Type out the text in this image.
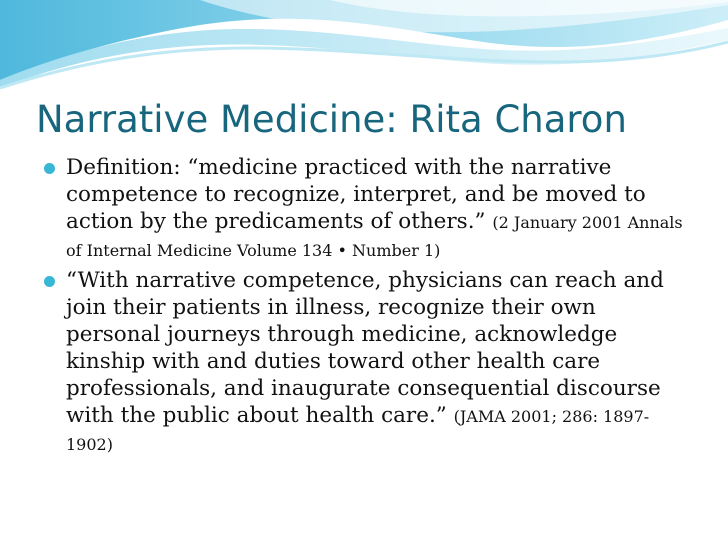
Narrative Medicine: Rita Charon
Definition: “medicine practiced with the narrative competence to recognize, interpret, and be moved to action by the predicaments of others.” (2 January 2001 Annals of Internal Medicine Volume 134 • Number 1)
“With narrative competence, physicians can reach and join their patients in illness, recognize their own personal journeys through medicine, acknowledge kinship with and duties toward other health care professionals, and inaugurate consequential discourse with the public about health care.” (JAMA 2001; 286: 1897-1902)
